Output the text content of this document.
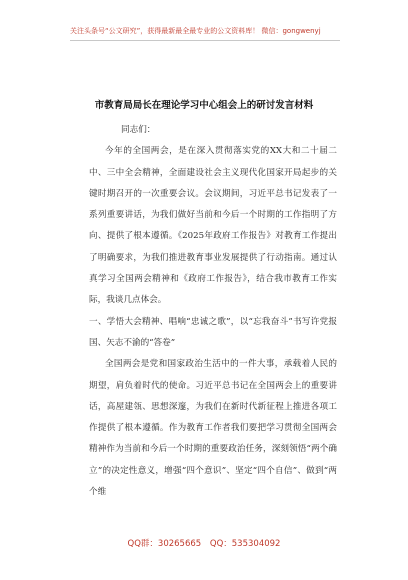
关注头条号“公文研究”，获得最新最全最专业的公文资料库！ 微信：gongwenyj
市教育局局长在理论学习中心组会上的研讨发言材料

同志们：

今年的全国两会，是在深入贯彻落实党的XX大和二十届二中、三中全会精神，全面建设社会主义现代化国家开局起步的关键时期召开的一次重要会议。会议期间，习近平总书记发表了一系列重要讲话，为我们做好当前和今后一个时期的工作指明了方向、提供了根本遵循。《2025年政府工作报告》对教育工作提出了明确要求，为我们推进教育事业发展提供了行动指南。通过认真学习全国两会精神和《政府工作报告》，结合我市教育工作实际，我谈几点体会。

一、学悟大会精神、唱响“忠诚之歌”，以“忘我奋斗”书写许党报国、矢志不渝的“答卷”

全国两会是党和国家政治生活中的一件大事，承载着人民的期望，肩负着时代的使命。习近平总书记在全国两会上的重要讲话，高屋建瓴、思想深邃，为我们在新时代新征程上推进各项工作提供了根本遵循。作为教育工作者我们要把学习贯彻全国两会精神作为当前和今后一个时期的重要政治任务，深刻领悟“两个确立”的决定性意义，增强“四个意识”、坚定“四个自信”、做到“两个维

QQ群：30265665 QQ：535304092
